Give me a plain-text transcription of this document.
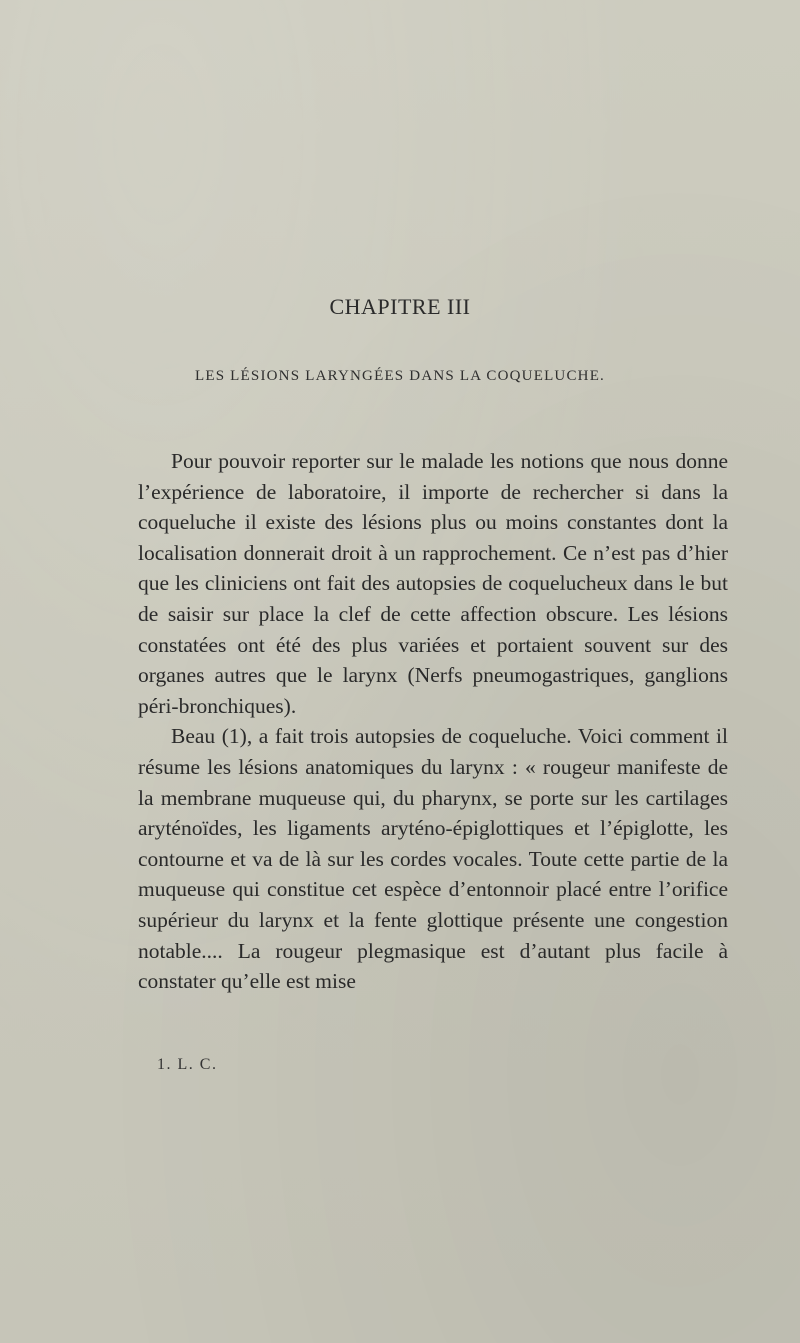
CHAPITRE III
LES LÉSIONS LARYNGÉES DANS LA COQUELUCHE.

Pour pouvoir reporter sur le malade les notions que nous donne l’expérience de laboratoire, il importe de rechercher si dans la coqueluche il existe des lésions plus ou moins constantes dont la localisation donnerait droit à un rapprochement. Ce n’est pas d’hier que les cliniciens ont fait des autopsies de coquelucheux dans le but de saisir sur place la clef de cette affection obscure. Les lésions constatées ont été des plus variées et portaient souvent sur des organes autres que le larynx (Nerfs pneumogastriques, ganglions péri-bronchiques).

Beau (1), a fait trois autopsies de coqueluche. Voici comment il résume les lésions anatomiques du larynx : « rougeur manifeste de la membrane muqueuse qui, du pharynx, se porte sur les cartilages aryténoïdes, les ligaments aryténo-épiglottiques et l’épiglotte, les contourne et va de là sur les cordes vocales. Toute cette partie de la muqueuse qui constitue cet espèce d’entonnoir placé entre l’orifice supérieur du larynx et la fente glottique présente une congestion notable.... La rougeur plegmasique est d’autant plus facile à constater qu’elle est mise

1. L. C.
